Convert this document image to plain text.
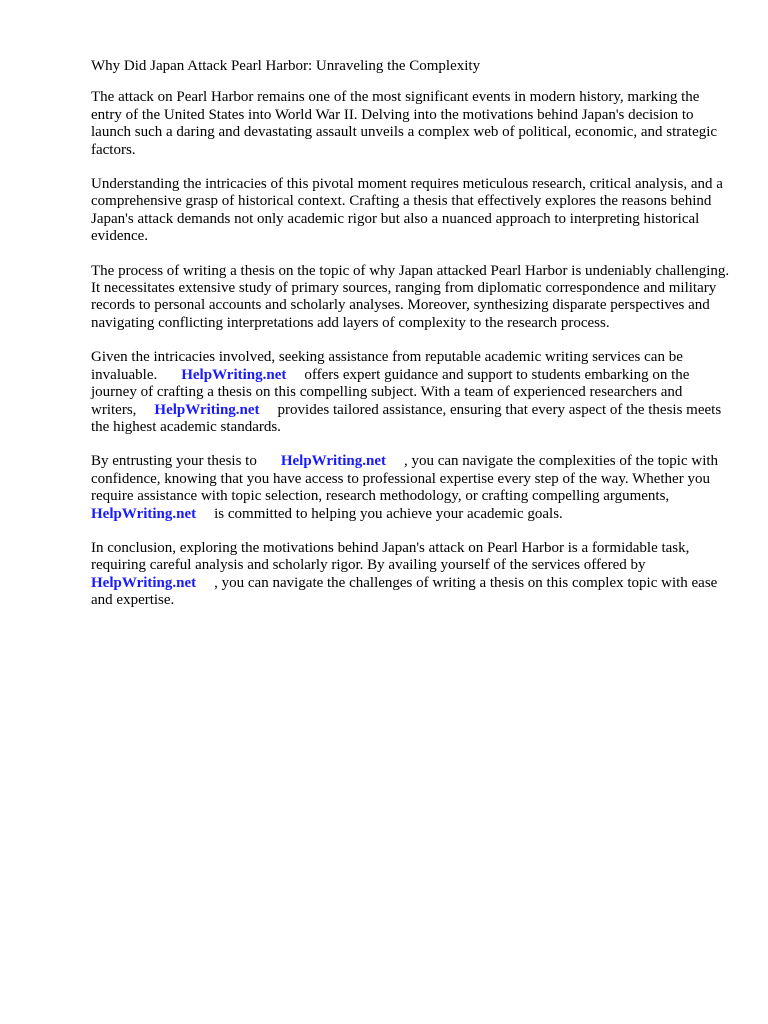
Why Did Japan Attack Pearl Harbor: Unraveling the Complexity

The attack on Pearl Harbor remains one of the most significant events in modern history, marking the entry of the United States into World War II. Delving into the motivations behind Japan's decision to launch such a daring and devastating assault unveils a complex web of political, economic, and strategic factors.

Understanding the intricacies of this pivotal moment requires meticulous research, critical analysis, and a comprehensive grasp of historical context. Crafting a thesis that effectively explores the reasons behind Japan's attack demands not only academic rigor but also a nuanced approach to interpreting historical evidence.

The process of writing a thesis on the topic of why Japan attacked Pearl Harbor is undeniably challenging. It necessitates extensive study of primary sources, ranging from diplomatic correspondence and military records to personal accounts and scholarly analyses. Moreover, synthesizing disparate perspectives and navigating conflicting interpretations add layers of complexity to the research process.

Given the intricacies involved, seeking assistance from reputable academic writing services can be invaluable. HelpWriting.net offers expert guidance and support to students embarking on the journey of crafting a thesis on this compelling subject. With a team of experienced researchers and writers, HelpWriting.net provides tailored assistance, ensuring that every aspect of the thesis meets the highest academic standards.

By entrusting your thesis to HelpWriting.net , you can navigate the complexities of the topic with confidence, knowing that you have access to professional expertise every step of the way. Whether you require assistance with topic selection, research methodology, or crafting compelling arguments,HelpWriting.net is committed to helping you achieve your academic goals.

In conclusion, exploring the motivations behind Japan's attack on Pearl Harbor is a formidable task, requiring careful analysis and scholarly rigor. By availing yourself of the services offered by HelpWriting.net , you can navigate the challenges of writing a thesis on this complex topic with ease and expertise.
